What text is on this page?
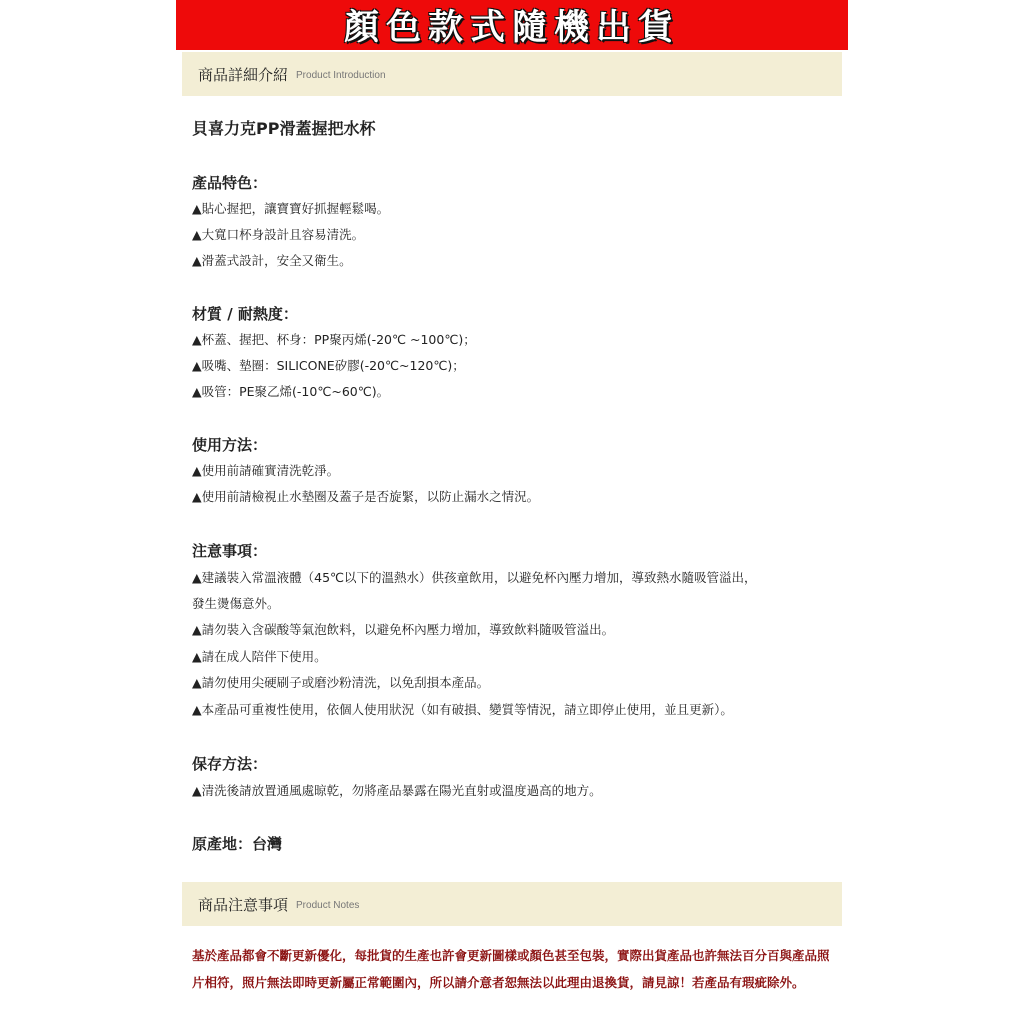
顏色款式隨機出貨
商品詳細介紹 Product Introduction
貝喜力克PP滑蓋握把水杯
產品特色：
▲貼心握把，讓寶寶好抓握輕鬆喝。
▲大寬口杯身設計且容易清洗。
▲滑蓋式設計，安全又衛生。
材質 / 耐熱度：
▲杯蓋、握把、杯身：PP聚丙烯(-20℃ ~100℃)；
▲吸嘴、墊圈：SILICONE矽膠(-20℃~120℃)；
▲吸管：PE聚乙烯(-10℃~60℃)。
使用方法：
▲使用前請確實清洗乾淨。
▲使用前請檢視止水墊圈及蓋子是否旋緊，以防止漏水之情況。
注意事項：
▲建議裝入常溫液體（45℃以下的溫熱水）供孩童飲用，以避免杯內壓力增加，導致熱水隨吸管溢出，
發生燙傷意外。
▲請勿裝入含碳酸等氣泡飲料，以避免杯內壓力增加，導致飲料隨吸管溢出。
▲請在成人陪伴下使用。
▲請勿使用尖硬刷子或磨沙粉清洗，以免刮損本產品。
▲本產品可重複性使用，依個人使用狀況（如有破損、變質等情況，請立即停止使用，並且更新）。
保存方法：
▲清洗後請放置通風處晾乾，勿將產品暴露在陽光直射或溫度過高的地方。
原產地：台灣
商品注意事項 Product Notes
基於產品都會不斷更新優化，每批貨的生產也許會更新圖樣或顏色甚至包裝，實際出貨產品也許無法百分百與產品照片相符，照片無法即時更新屬正常範圍內，所以請介意者恕無法以此理由退換貨，請見諒！若產品有瑕疵除外。
